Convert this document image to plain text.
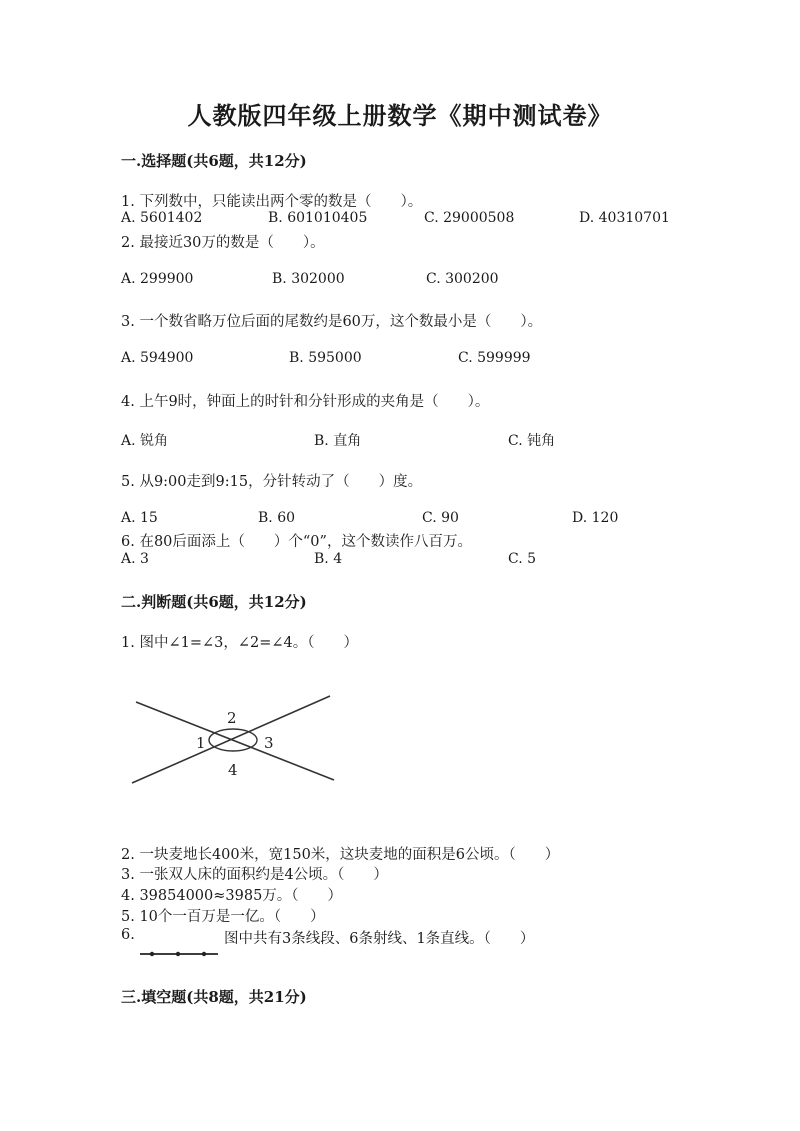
人教版四年级上册数学《期中测试卷》
一.选择题(共6题，共12分)
1. 下列数中，只能读出两个零的数是（　　）。
A. 5601402	B. 601010405	C. 29000508	D. 40310701
2. 最接近30万的数是（　　）。
A. 299900	B. 302000	C. 300200
3. 一个数省略万位后面的尾数约是60万，这个数最小是（　　）。
A. 594900	B. 595000	C. 599999
4. 上午9时，钟面上的时针和分针形成的夹角是（　　）。
A. 锐角	B. 直角	C. 钝角
5. 从9:00走到9:15，分针转动了（　　）度。
A. 15	B. 60	C. 90	D. 120
6. 在80后面添上（　　）个“0”，这个数读作八百万。
A. 3	B. 4	C. 5
二.判断题(共6题，共12分)
1. 图中∠1=∠3，∠2=∠4。（　　）
1
2
3
4
2. 一块麦地长400米，宽150米，这块麦地的面积是6公顷。（　　）
3. 一张双人床的面积约是4公顷。（　　）
4. 39854000≈3985万。（　　）
5. 10个一百万是一亿。（　　）
6.	图中共有3条线段、6条射线、1条直线。（　　）
三.填空题(共8题，共21分)
